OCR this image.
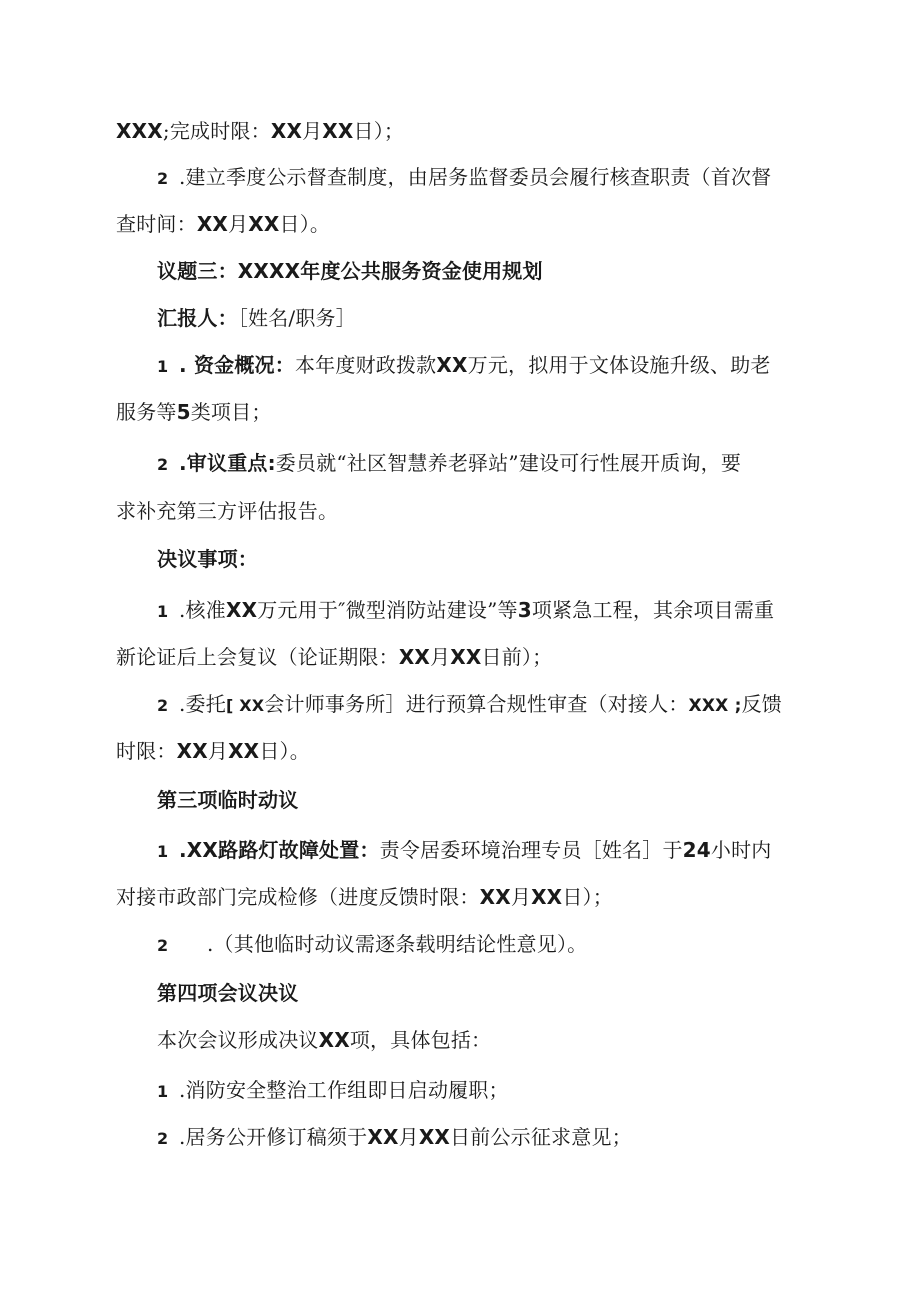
XXX;完成时限：XX月XX日）；
2 .建立季度公示督查制度，由居务监督委员会履行核查职责（首次督
查时间：XX月XX日）。
议题三：XXXX年度公共服务资金使用规划
汇报人：［姓名/职务］
1 . 资金概况：本年度财政拨款XX万元，拟用于文体设施升级、助老
服务等5类项目；
2 .审议重点:委员就“社区智慧养老驿站”建设可行性展开质询，要
求补充第三方评估报告。
决议事项：
1 .核准XX万元用于″微型消防站建设”等3项紧急工程，其余项目需重
新论证后上会复议（论证期限：XX月XX日前）；
2 .委托[ XX会计师事务所］进行预算合规性审查（对接人：XXX ;反馈
时限：XX月XX日）。
第三项临时动议
1 .XX路路灯故障处置：责令居委环境治理专员［姓名］于24小时内
对接市政部门完成检修（进度反馈时限：XX月XX日）；
2 .（其他临时动议需逐条载明结论性意见）。
第四项会议决议
本次会议形成决议XX项，具体包括：
1 .消防安全整治工作组即日启动履职；
2 .居务公开修订稿须于XX月XX日前公示征求意见；
